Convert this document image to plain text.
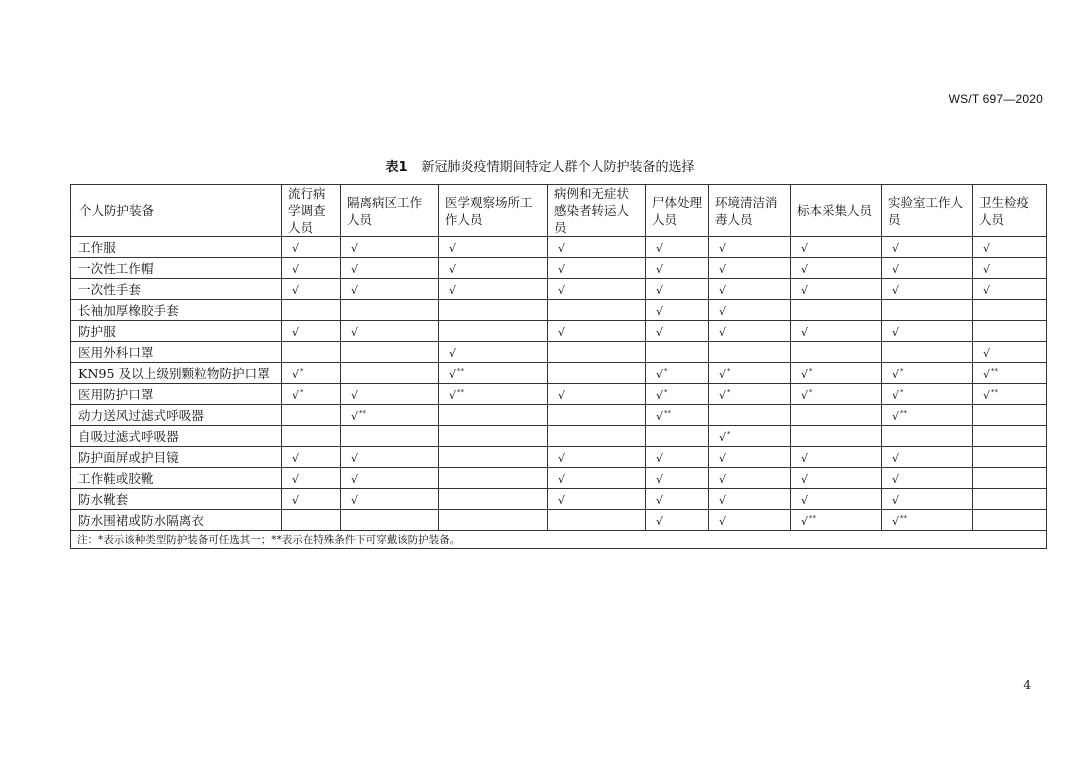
WS/T 697—2020
表1 新冠肺炎疫情期间特定人群个人防护装备的选择
个人防护装备	流行病学调查人员	隔离病区工作人员	医学观察场所工作人员	病例和无症状感染者转运人员	尸体处理人员	环境清洁消毒人员	标本采集人员	实验室工作人员	卫生检疫人员
工作服	√	√	√	√	√	√	√	√	√
一次性工作帽	√	√	√	√	√	√	√	√	√
一次性手套	√	√	√	√	√	√	√	√	√
长袖加厚橡胶手套					√	√			
防护服	√	√		√	√	√	√	√	
医用外科口罩			√						√
KN95 及以上级别颗粒物防护口罩	√*		√**		√*	√*	√*	√*	√**
医用防护口罩	√*	√	√**	√	√*	√*	√*	√*	√**
动力送风过滤式呼吸器		√**			√**			√**	
自吸过滤式呼吸器						√*			
防护面屏或护目镜	√	√		√	√	√	√	√	
工作鞋或胶靴	√	√		√	√	√	√	√	
防水靴套	√	√		√	√	√	√	√	
防水围裙或防水隔离衣					√	√	√**	√**	
注：*表示该种类型防护装备可任选其一；**表示在特殊条件下可穿戴该防护装备。									
4
